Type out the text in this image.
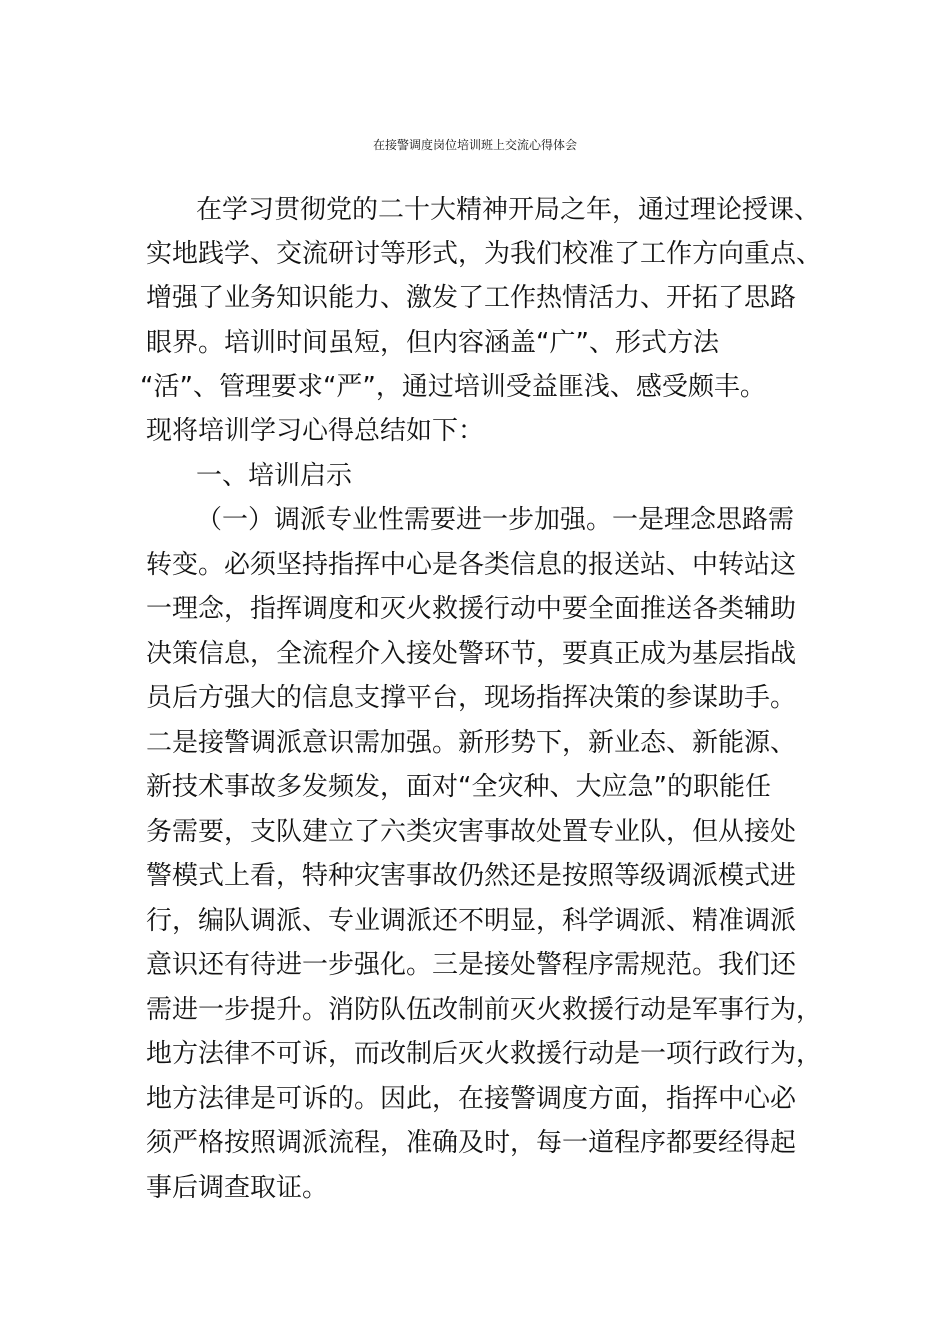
在接警调度岗位培训班上交流心得体会
在学习贯彻党的二十大精神开局之年，通过理论授课、
实地践学、交流研讨等形式，为我们校准了工作方向重点、
增强了业务知识能力、激发了工作热情活力、开拓了思路
眼界。培训时间虽短，但内容涵盖“广”、形式方法
“活”、管理要求“严”，通过培训受益匪浅、感受颇丰。
现将培训学习心得总结如下：
一、培训启示
（一）调派专业性需要进一步加强。一是理念思路需
转变。必须坚持指挥中心是各类信息的报送站、中转站这
一理念，指挥调度和灭火救援行动中要全面推送各类辅助
决策信息，全流程介入接处警环节，要真正成为基层指战
员后方强大的信息支撑平台，现场指挥决策的参谋助手。
二是接警调派意识需加强。新形势下，新业态、新能源、
新技术事故多发频发，面对“全灾种、大应急”的职能任
务需要，支队建立了六类灾害事故处置专业队，但从接处
警模式上看，特种灾害事故仍然还是按照等级调派模式进
行，编队调派、专业调派还不明显，科学调派、精准调派
意识还有待进一步强化。三是接处警程序需规范。我们还
需进一步提升。消防队伍改制前灭火救援行动是军事行为，
地方法律不可诉，而改制后灭火救援行动是一项行政行为，
地方法律是可诉的。因此，在接警调度方面，指挥中心必
须严格按照调派流程，准确及时，每一道程序都要经得起
事后调查取证。
